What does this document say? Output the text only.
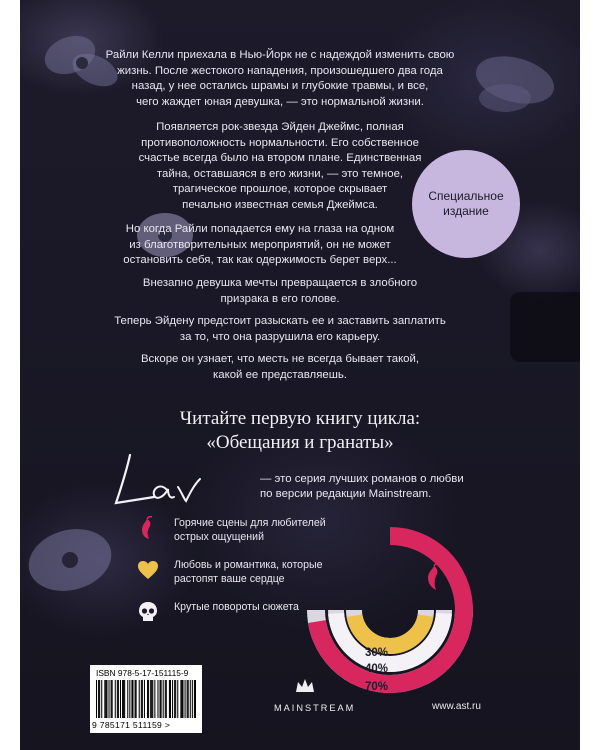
Райли Келли приехала в Нью-Йорк не с надеждой изменить свою
жизнь. После жестокого нападения, произошедшего два года
назад, у нее остались шрамы и глубокие травмы, и все,
чего жаждет юная девушка, — это нормальной жизни.
Появляется рок-звезда Эйден Джеймс, полная
противоположность нормальности. Его собственное
счастье всегда было на втором плане. Единственная
тайна, оставшаяся в его жизни, — это темное,
трагическое прошлое, которое скрывает
печально известная семья Джеймса.
Но когда Райли попадается ему на глаза на одном
из благотворительных мероприятий, он не может
остановить себя, так как одержимость берет верх...
Внезапно девушка мечты превращается в злобного
призрака в его голове.
Теперь Эйдену предстоит разыскать ее и заставить заплатить
за то, что она разрушила его карьеру.
Вскоре он узнает, что месть не всегда бывает такой,
какой ее представляешь.
Специальное
издание
Читайте первую книгу цикла:
«Обещания и гранаты»
— это серия лучших романов о любви
по версии редакции Mainstream.
30%
40%
70%
Горячие сцены для любителей
острых ощущений
Любовь и романтика, которые
растопят ваше сердце
Крутые повороты сюжета
ISBN 978-5-17-151115-9
9 785171 511159 >
MAINSTREAM	www.ast.ru
